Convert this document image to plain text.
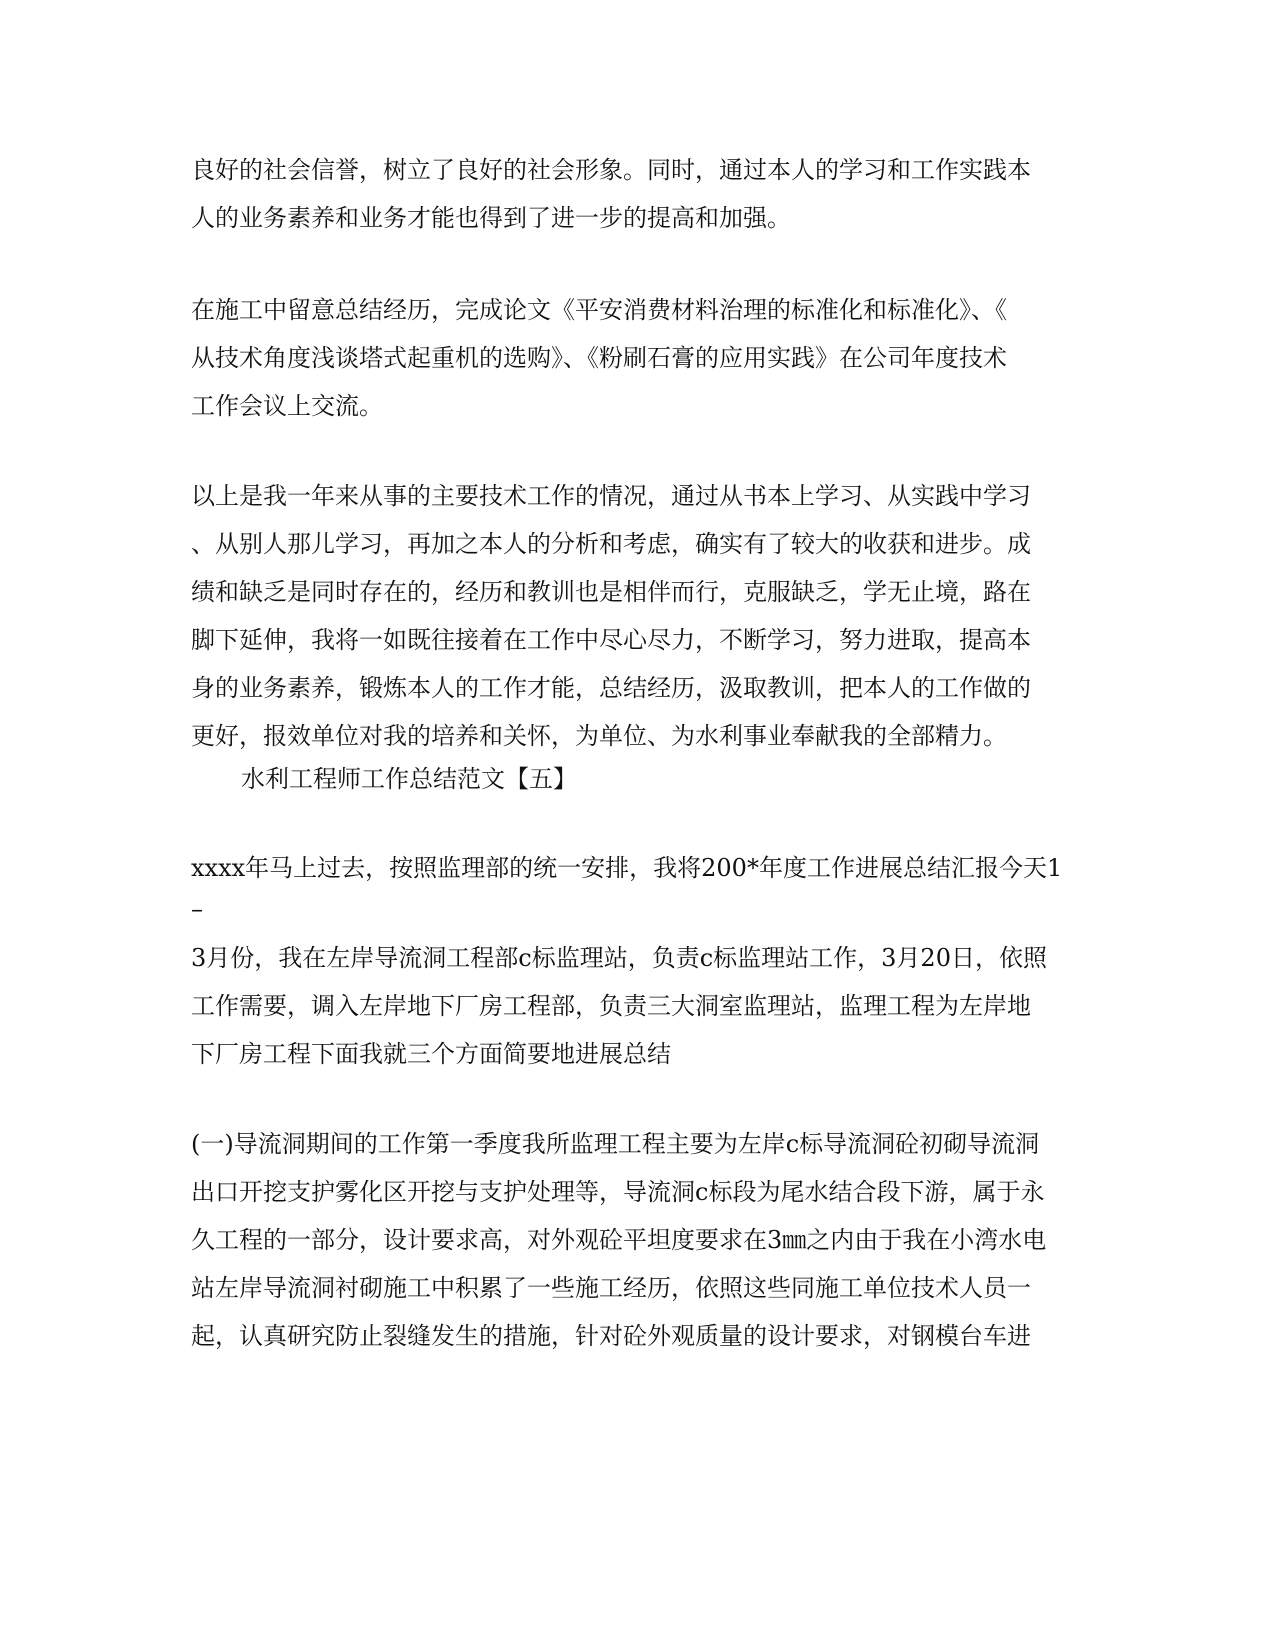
良好的社会信誉，树立了良好的社会形象。同时，通过本人的学习和工作实践本
人的业务素养和业务才能也得到了进一步的提高和加强。

在施工中留意总结经历，完成论文《平安消费材料治理的标准化和标准化》、《
从技术角度浅谈塔式起重机的选购》、《粉刷石膏的应用实践》在公司年度技术
工作会议上交流。

以上是我一年来从事的主要技术工作的情况，通过从书本上学习、从实践中学习
、从别人那儿学习，再加之本人的分析和考虑，确实有了较大的收获和进步。成
绩和缺乏是同时存在的，经历和教训也是相伴而行，克服缺乏，学无止境，路在
脚下延伸，我将一如既往接着在工作中尽心尽力，不断学习，努力进取，提高本
身的业务素养，锻炼本人的工作才能，总结经历，汲取教训，把本人的工作做的
更好，报效单位对我的培养和关怀，为单位、为水利事业奉献我的全部精力。

水利工程师工作总结范文【五】

xxxx年马上过去，按照监理部的统一安排，我将200*年度工作进展总结汇报今天1
–

3月份，我在左岸导流洞工程部c标监理站，负责c标监理站工作，3月20日，依照
工作需要，调入左岸地下厂房工程部，负责三大洞室监理站，监理工程为左岸地
下厂房工程下面我就三个方面简要地进展总结

(一)导流洞期间的工作第一季度我所监理工程主要为左岸c标导流洞砼初砌导流洞
出口开挖支护雾化区开挖与支护处理等，导流洞c标段为尾水结合段下游，属于永
久工程的一部分，设计要求高，对外观砼平坦度要求在3㎜之内由于我在小湾水电
站左岸导流洞衬砌施工中积累了一些施工经历，依照这些同施工单位技术人员一
起，认真研究防止裂缝发生的措施，针对砼外观质量的设计要求，对钢模台车进
